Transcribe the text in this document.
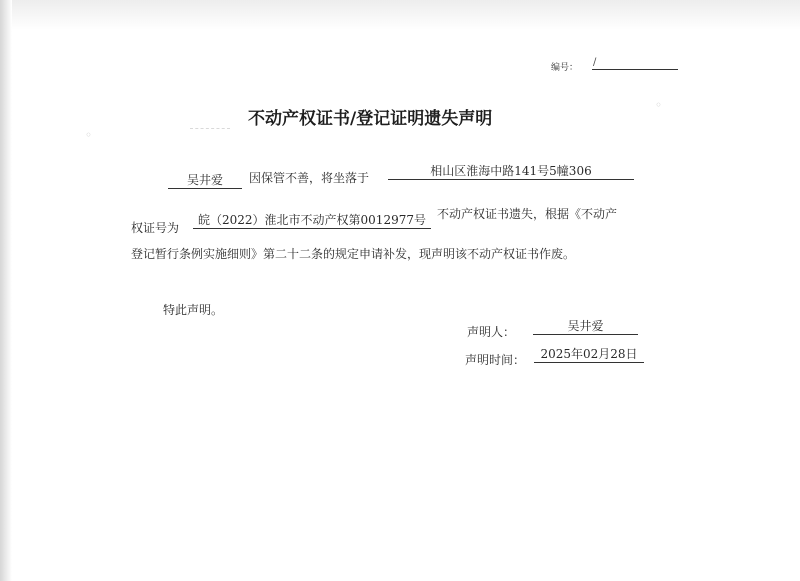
◦
◦
编号： /
不动产权证书/登记证明遗失声明
吴井爱	因保管不善，将坐落于	相山区淮海中路141号5幢306
权证号为
皖（2022）淮北市不动产权第0012977号 不动产权证书遗失，根据《不动产
登记暂行条例实施细则》第二十二条的规定申请补发，现声明该不动产权证书作废。
特此声明。
声明人：	吴井爱
声明时间：	2025年02月28日
